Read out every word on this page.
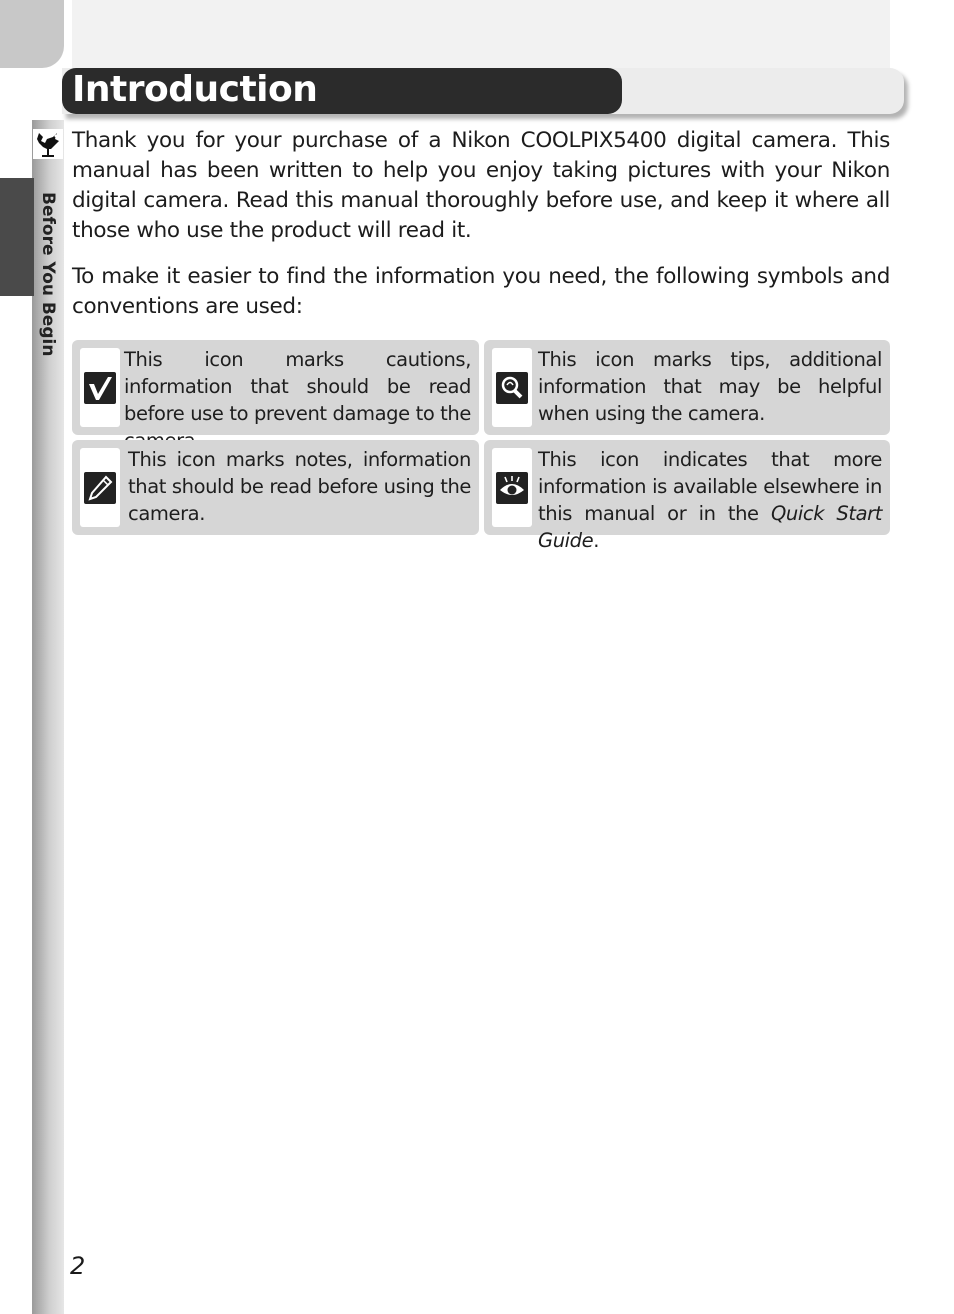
Introduction
Before You Begin
Thank you for your purchase of a Nikon COOLPIX5400 digital camera. This manual has been written to help you enjoy taking pictures with your Nikon digital camera. Read this manual thoroughly before use, and keep it where all those who use the product will read it.
To make it easier to find the information you need, the following symbols and conventions are used:
This icon marks cautions, information that should be read before use to prevent damage to the
This icon marks tips, additional information that may be helpful when using the camera.
This icon marks notes, information that should be read before using the camera.
This icon indicates that more information is available elsewhere in this manual or in the Quick Start Guide.
2
